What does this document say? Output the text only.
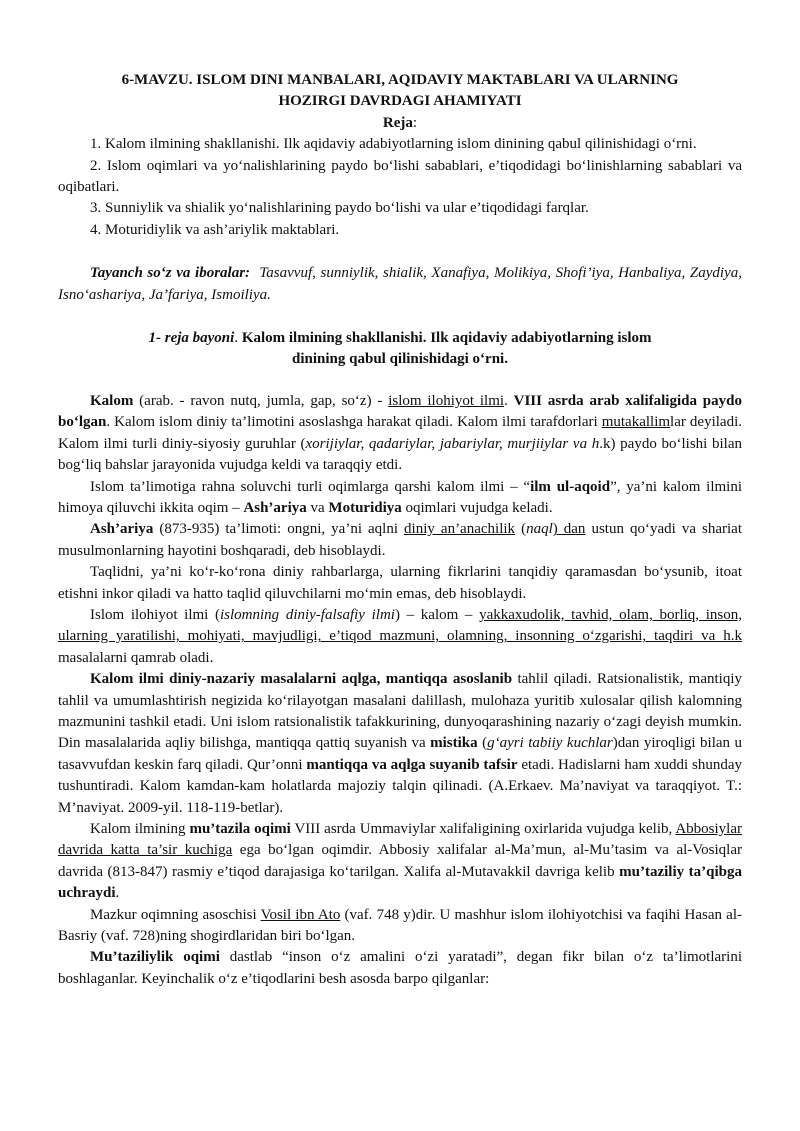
6-MAVZU. ISLOM DINI MANBALARI, AQIDAVIY MAKTABLARI VA ULARNING
HOZIRGI DAVRDAGI AHAMIYATI
Reja:

1. Kalom ilmining shakllanishi. Ilk aqidaviy adabiyotlarning islom dinining qabul qilinishidagi o‘rni.

2. Islom oqimlari va yo‘nalishlarining paydo bo‘lishi sabablari, e’tiqodidagi bo‘linishlarning sabablari va oqibatlari.

3. Sunniylik va shialik yo‘nalishlarining paydo bo‘lishi va ular e’tiqodidagi farqlar.

4. Moturidiylik va ash’ariylik maktablari.

Tayanch so‘z va iboralar: Tasavvuf, sunniylik, shialik, Xanafiya, Molikiya, Shofi’iya, Hanbaliya, Zaydiya, Isno‘ashariya, Ja’fariya, Ismoiliya.

1- reja bayoni. Kalom ilmining shakllanishi. Ilk aqidaviy adabiyotlarning islom

dinining qabul qilinishidagi o‘rni.

Kalom (arab. - ravon nutq, jumla, gap, so‘z) - islom ilohiyot ilmi. VIII asrda arab xalifaligida paydo bo‘lgan. Kalom islom diniy ta’limotini asoslashga harakat qiladi. Kalom ilmi tarafdorlari mutakallimlar deyiladi. Kalom ilmi turli diniy-siyosiy guruhlar (xorijiylar, qadariylar, jabariylar, murjiiylar va h.k) paydo bo‘lishi bilan bog‘liq bahslar jarayonida vujudga keldi va taraqqiy etdi.

Islom ta’limotiga rahna soluvchi turli oqimlarga qarshi kalom ilmi – “ilm ul-aqoid”, ya’ni kalom ilmini himoya qiluvchi ikkita oqim – Ash’ariya va Moturidiya oqimlari vujudga keladi.

Ash’ariya (873-935) ta’limoti: ongni, ya’ni aqlni diniy an’anachilik (naql) dan ustun qo‘yadi va shariat musulmonlarning hayotini boshqaradi, deb hisoblaydi.

Taqlidni, ya’ni ko‘r-ko‘rona diniy rahbarlarga, ularning fikrlarini tanqidiy qaramasdan bo‘ysunib, itoat etishni inkor qiladi va hatto taqlid qiluvchilarni mo‘min emas, deb hisoblaydi.

Islom ilohiyot ilmi (islomning diniy-falsafiy ilmi) – kalom – yakkaxudolik, tavhid, olam, borliq, inson, ularning yaratilishi, mohiyati, mavjudligi, e’tiqod mazmuni, olamning, insonning o‘zgarishi, taqdiri va h.k masalalarni qamrab oladi.

Kalom ilmi diniy-nazariy masalalarni aqlga, mantiqqa asoslanib tahlil qiladi. Ratsionalistik, mantiqiy tahlil va umumlashtirish negizida ko‘rilayotgan masalani dalillash, mulohaza yuritib xulosalar qilish kalomning mazmunini tashkil etadi. Uni islom ratsionalistik tafakkurining, dunyoqarashining nazariy o‘zagi deyish mumkin. Din masalalarida aqliy bilishga, mantiqqa qattiq suyanish va mistika (g‘ayri tabiiy kuchlar)dan yiroqligi bilan u tasavvufdan keskin farq qiladi. Qur’onni mantiqqa va aqlga suyanib tafsir etadi. Hadislarni ham xuddi shunday tushuntiradi. Kalom kamdan-kam holatlarda majoziy talqin qilinadi. (A.Erkaev. Ma’naviyat va taraqqiyot. T.: M’naviyat. 2009-yil. 118-119-betlar).

Kalom ilmining mu’tazila oqimi VIII asrda Ummaviylar xalifaligining oxirlarida vujudga kelib, Abbosiylar davrida katta ta’sir kuchiga ega bo‘lgan oqimdir. Abbosiy xalifalar al-Ma’mun, al-Mu’tasim va al-Vosiqlar davrida (813-847) rasmiy e’tiqod darajasiga ko‘tarilgan. Xalifa al-Mutavakkil davriga kelib mu’taziliy ta’qibga uchraydi.

Mazkur oqimning asoschisi Vosil ibn Ato (vaf. 748 y)dir. U mashhur islom ilohiyotchisi va faqihi Hasan al-Basriy (vaf. 728)ning shogirdlaridan biri bo‘lgan.

Mu’taziliylik oqimi dastlab “inson o‘z amalini o‘zi yaratadi”, degan fikr bilan o‘z ta’limotlarini boshlaganlar. Keyinchalik o‘z e’tiqodlarini besh asosda barpo qilganlar:
